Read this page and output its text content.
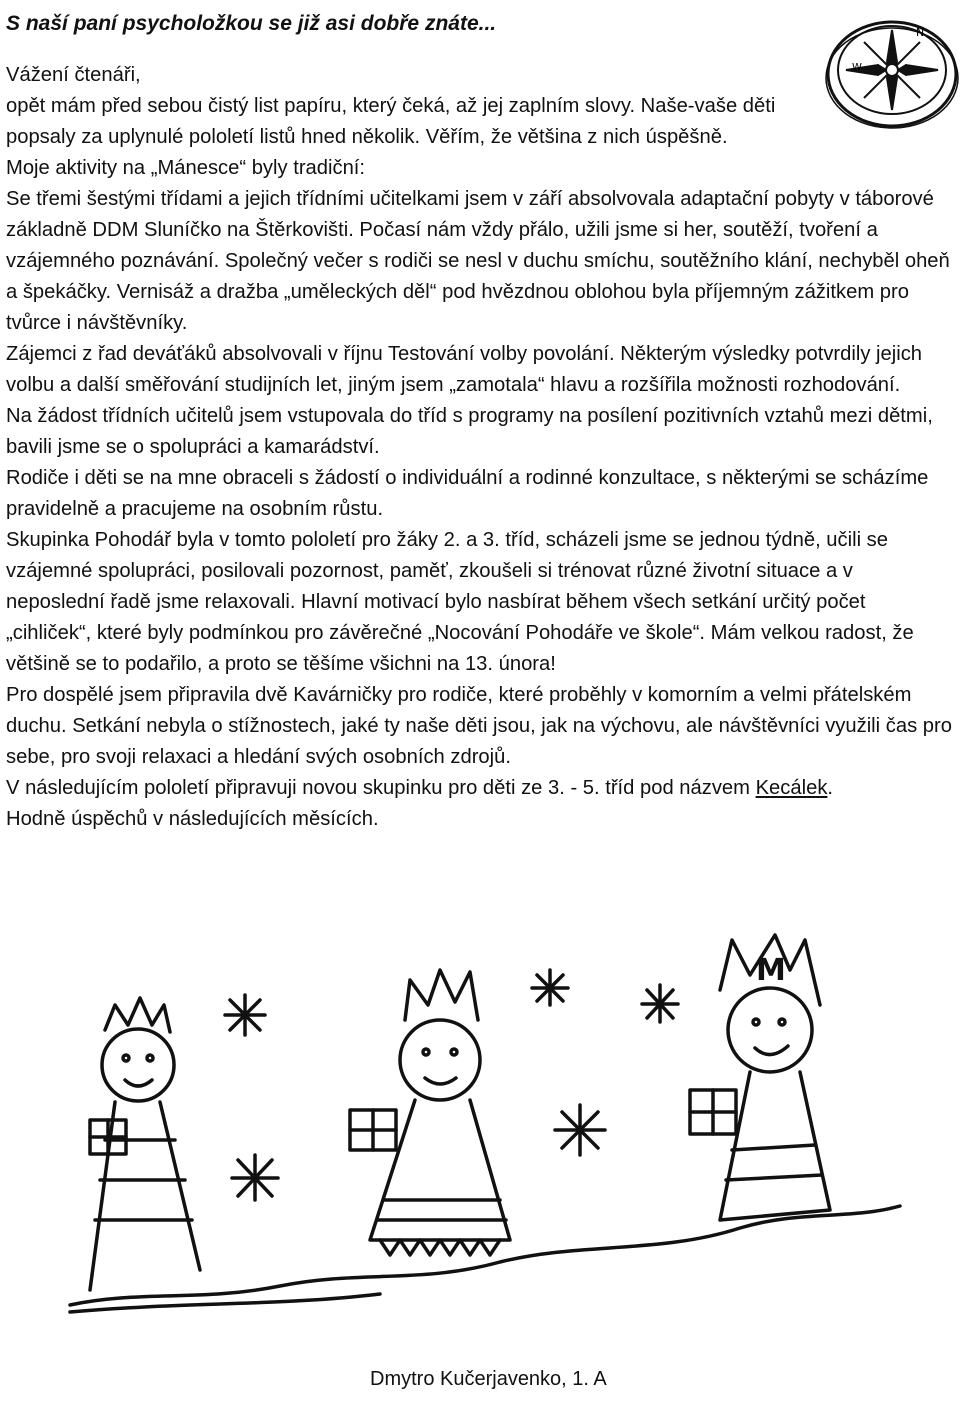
S naší paní psycholožkou se již asi dobře znáte...	N
W

Vážení čtenáři,

opět mám před sebou čistý list papíru, který čeká, až jej zaplním slovy. Naše-vaše děti popsaly za uplynulé pololetí listů hned několik. Věřím, že většina z nich úspěšně.

Moje aktivity na „Mánesce“ byly tradiční:

Se třemi šestými třídami a jejich třídními učitelkami jsem v září absolvovala adaptační pobyty v táborové základně DDM Sluníčko na Štěrkovišti. Počasí nám vždy přálo, užili jsme si her, soutěží, tvoření a vzájemného poznávání. Společný večer s rodiči se nesl v duchu smíchu, soutěžního klání, nechyběl oheň a špekáčky. Vernisáž a dražba „uměleckých děl“ pod hvězdnou oblohou byla příjemným zážitkem pro tvůrce i návštěvníky.

Zájemci z řad deváťáků absolvovali v říjnu Testování volby povolání. Některým výsledky potvrdily jejich volbu a další směřování studijních let, jiným jsem „zamotala“ hlavu a rozšířila možnosti rozhodování.

Na žádost třídních učitelů jsem vstupovala do tříd s programy na posílení pozitivních vztahů mezi dětmi, bavili jsme se o spolupráci a kamarádství.

Rodiče i děti se na mne obraceli s žádostí o individuální a rodinné konzultace, s některými se scházíme pravidelně a pracujeme na osobním růstu.

Skupinka Pohodář byla v tomto pololetí pro žáky 2. a 3. tříd, scházeli jsme se jednou týdně, učili se vzájemné spolupráci, posilovali pozornost, paměť, zkoušeli si trénovat různé životní situace a v neposlední řadě jsme relaxovali. Hlavní motivací bylo nasbírat během všech setkání určitý počet „cihliček“, které byly podmínkou pro závěrečné „Nocování Pohodáře ve škole“. Mám velkou radost, že většině se to podařilo, a proto se těšíme všichni na 13. února!

Pro dospělé jsem připravila dvě Kavárničky pro rodiče, které proběhly v komorním a velmi přátelském duchu. Setkání nebyla o stížnostech, jaké ty naše děti jsou, jak na výchovu, ale návštěvníci využili čas pro sebe, pro svoji relaxaci a hledání svých osobních zdrojů.

V následujícím pololetí připravuji novou skupinku pro děti ze 3. - 5. tříd pod názvem Kecálek.

Hodně úspěchů v následujících měsících.

M

Dmytro Kučerjavenko, 1. A
